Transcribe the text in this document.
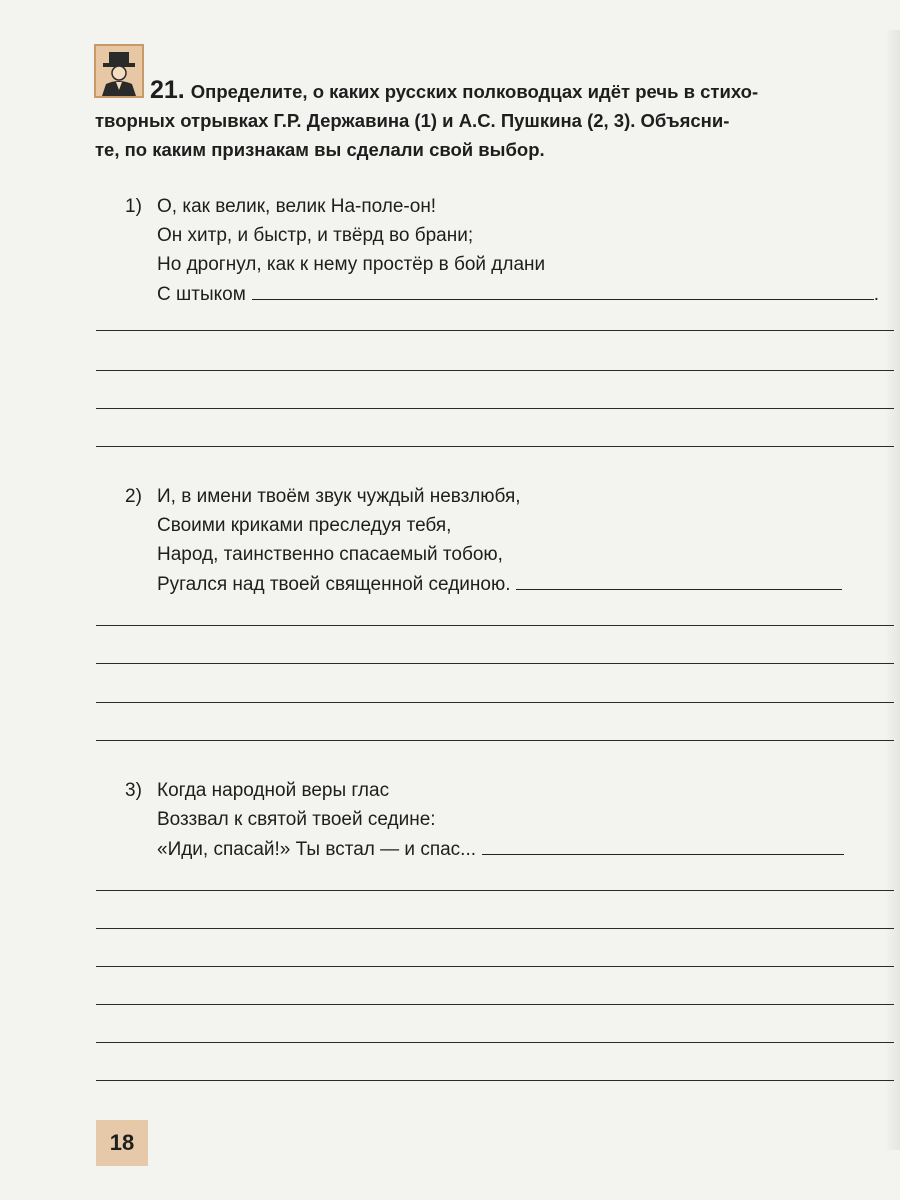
21. Определите, о каких русских полководцах идёт речь в стихо-
творных отрывках Г.Р. Державина (1) и А.С. Пушкина (2, 3). Объясни-
те, по каким признакам вы сделали свой выбор.
1) О, как велик, велик На-поле-он!
Он хитр, и быстр, и твёрд во брани;
Но дрогнул, как к нему простёр в бой длани
С штыком	.
2) И, в имени твоём звук чуждый невзлюбя,
Своими криками преследуя тебя,
Народ, таинственно спасаемый тобою,
Ругался над твоей священной сединою.
3) Когда народной веры глас
Воззвал к святой твоей седине:
«Иди, спасай!» Ты встал — и спас...
18
